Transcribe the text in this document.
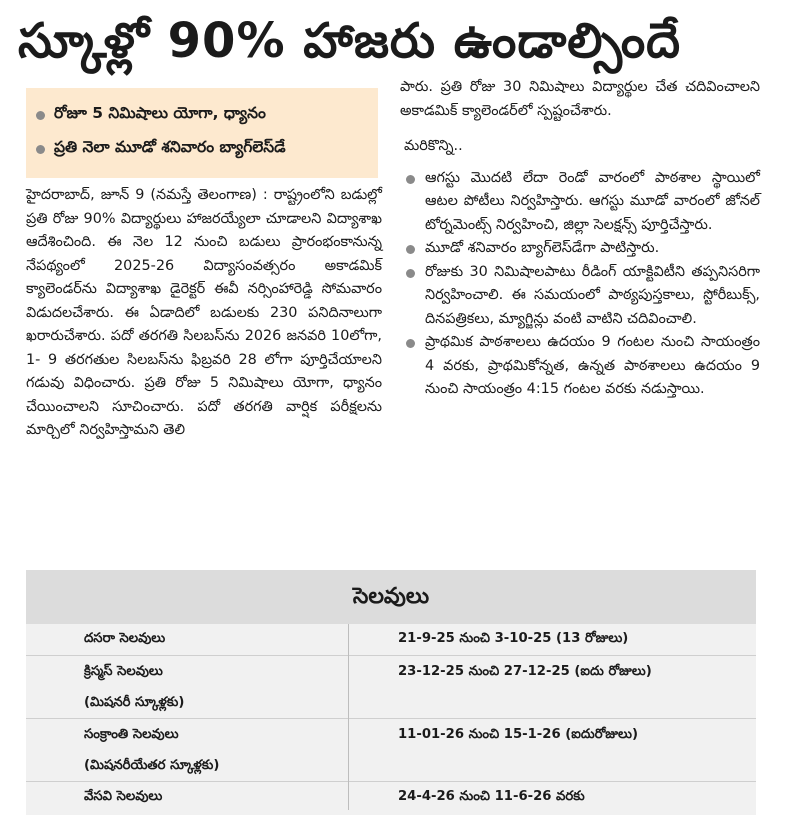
స్కూళ్లో 90% హాజరు ఉండాల్సిందే
రోజూ 5 నిమిషాలు యోగా, ధ్యానం
ప్రతి నెలా మూడో శనివారం బ్యాగ్‌లెస్‌డే

హైదరాబాద్, జూన్ 9 (నమస్తే తెలంగాణ) : రాష్ట్రంలోని బడుల్లో ప్రతి రోజు 90% విద్యార్థులు హాజరయ్యేలా చూడాలని విద్యాశాఖ ఆదేశించింది. ఈ నెల 12 నుంచి బడులు ప్రారంభంకానున్న నేపథ్యంలో 2025-26 విద్యాసంవత్సరం అకాడమిక్ క్యాలెండర్‌ను విద్యాశాఖ డైరెక్టర్ ఈవీ నర్సింహారెడ్డి సోమవారం విడుదలచేశారు. ఈ ఏడాదిలో బడులకు 230 పనిదినాలుగా ఖరారుచేశారు. పదో తరగతి సిలబస్‌ను 2026 జనవరి 10లోగా, 1- 9 తరగతుల సిలబస్‌ను ఫిబ్రవరి 28 లోగా పూర్తిచేయాలని గడువు విధించారు. ప్రతి రోజు 5 నిమిషాలు యోగా, ధ్యానం చేయించాలని సూచించారు. పదో తరగతి వార్షిక పరీక్షలను మార్చిలో నిర్వహిస్తామని తెలి

పారు. ప్రతి రోజు 30 నిమిషాలు విద్యార్థుల చేత చదివించాలని అకాడమిక్ క్యాలెండర్‌లో స్పష్టంచేశారు.

మరికొన్ని..
ఆగస్టు మొదటి లేదా రెండో వారంలో పాఠశాల స్థాయిలో ఆటల పోటీలు నిర్వహిస్తారు. ఆగస్టు మూడో వారంలో జోనల్ టోర్నమెంట్స్ నిర్వహించి, జిల్లా సెలక్షన్స్ పూర్తిచేస్తారు.
మూడో శనివారం బ్యాగ్‌లెస్‌డేగా పాటిస్తారు.
రోజుకు 30 నిమిషాలపాటు రీడింగ్ యాక్టివిటీని తప్పనిసరిగా నిర్వహించాలి. ఈ సమయంలో పాఠ్యపుస్తకాలు, స్టోరీబుక్స్, దినపత్రికలు, మ్యాగ్జిన్లు వంటి వాటిని చదివించాలి.
ప్రాథమిక పాఠశాలలు ఉదయం 9 గంటల నుంచి సాయంత్రం 4 వరకు, ప్రాథమికోన్నత, ఉన్నత పాఠశాలలు ఉదయం 9 నుంచి సాయంత్రం 4:15 గంటల వరకు నడుస్తాయి.
సెలవులు
దసరా సెలవులు	21-9-25 నుంచి 3-10-25 (13 రోజులు)
క్రిస్మస్ సెలవులు
(మిషనరీ స్కూళ్లకు)
23-12-25 నుంచి 27-12-25 (ఐదు రోజులు)
సంక్రాంతి సెలవులు
(మిషనరీయేతర స్కూళ్లకు)
11-01-26 నుంచి 15-1-26 (ఐదురోజులు)
వేసవి సెలవులు	24-4-26 నుంచి 11-6-26 వరకు
